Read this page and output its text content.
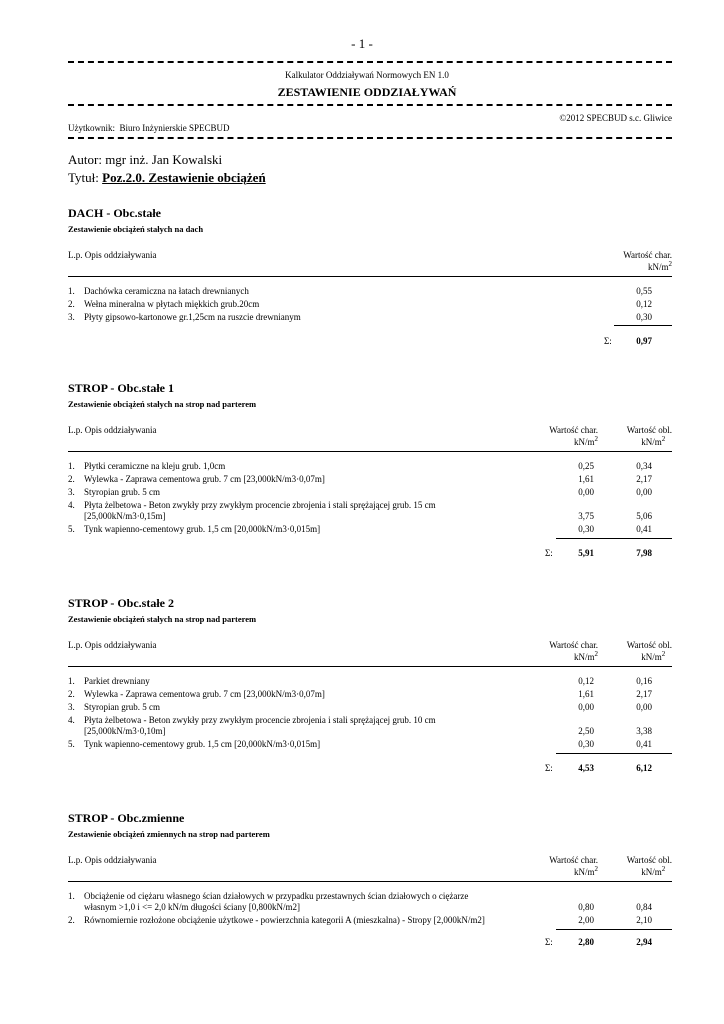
- 1 -
Kalkulator Oddziaływań Normowych EN 1.0
ZESTAWIENIE ODDZIAŁYWAŃ
©2012 SPECBUD s.c. Gliwice
Użytkownik: Biuro Inżynierskie SPECBUD
Autor: mgr inż. Jan Kowalski
Tytuł: Poz.2.0. Zestawienie obciążeń
DACH - Obc.stałe
Zestawienie obciążeń stałych na dach
L.p. Opis oddziaływania	Wartość char.
$kN/m^2$
1. Dachówka ceramiczna na łatach drewnianych	0,55
2. Wełna mineralna w płytach miękkich grub.20cm	0,12
3. Płyty gipsowo-kartonowe gr.1,25cm na ruszcie drewnianym	0,30
Σ:	0,97
STROP - Obc.stałe 1
Zestawienie obciążeń stałych na strop nad parterem
L.p. Opis oddziaływania	Wartość char.
$kN/m^2$
Wartość obl.
$kN/m^2$
1. Płytki ceramiczne na kleju grub. 1,0cm	0,25	0,34
2. Wylewka - Zaprawa cementowa grub. 7 cm [23,000kN/m3·0,07m]	1,61	2,17
3. Styropian grub. 5 cm	0,00	0,00
4. Płyta żelbetowa - Beton zwykły przy zwykłym procencie zbrojenia i stali sprężającej grub. 15 cm
[25,000kN/m3·0,15m]	3,75	5,06
5. Tynk wapienno-cementowy grub. 1,5 cm [20,000kN/m3·0,015m]	0,30	0,41
Σ:	5,91	7,98
STROP - Obc.stałe 2
Zestawienie obciążeń stałych na strop nad parterem
L.p. Opis oddziaływania	Wartość char.
$kN/m^2$
Wartość obl.
$kN/m^2$
1. Parkiet drewniany	0,12	0,16
2. Wylewka - Zaprawa cementowa grub. 7 cm [23,000kN/m3·0,07m]	1,61	2,17
3. Styropian grub. 5 cm	0,00	0,00
4. Płyta żelbetowa - Beton zwykły przy zwykłym procencie zbrojenia i stali sprężającej grub. 10 cm
[25,000kN/m3·0,10m]	2,50	3,38
5. Tynk wapienno-cementowy grub. 1,5 cm [20,000kN/m3·0,015m]	0,30	0,41
Σ:	4,53	6,12
STROP - Obc.zmienne
Zestawienie obciążeń zmiennych na strop nad parterem
L.p. Opis oddziaływania	Wartość char.
$kN/m^2$
Wartość obl.
$kN/m^2$
1. Obciążenie od ciężaru własnego ścian działowych w przypadku przestawnych ścian działowych o ciężarze
własnym >1,0 i <= 2,0 kN/m długości ściany [0,800kN/m2]	0,80	0,84
2. Równomiernie rozłożone obciążenie użytkowe - powierzchnia kategorii A (mieszkalna) - Stropy [2,000kN/m2]	2,00	2,10
Σ:	2,80	2,94
